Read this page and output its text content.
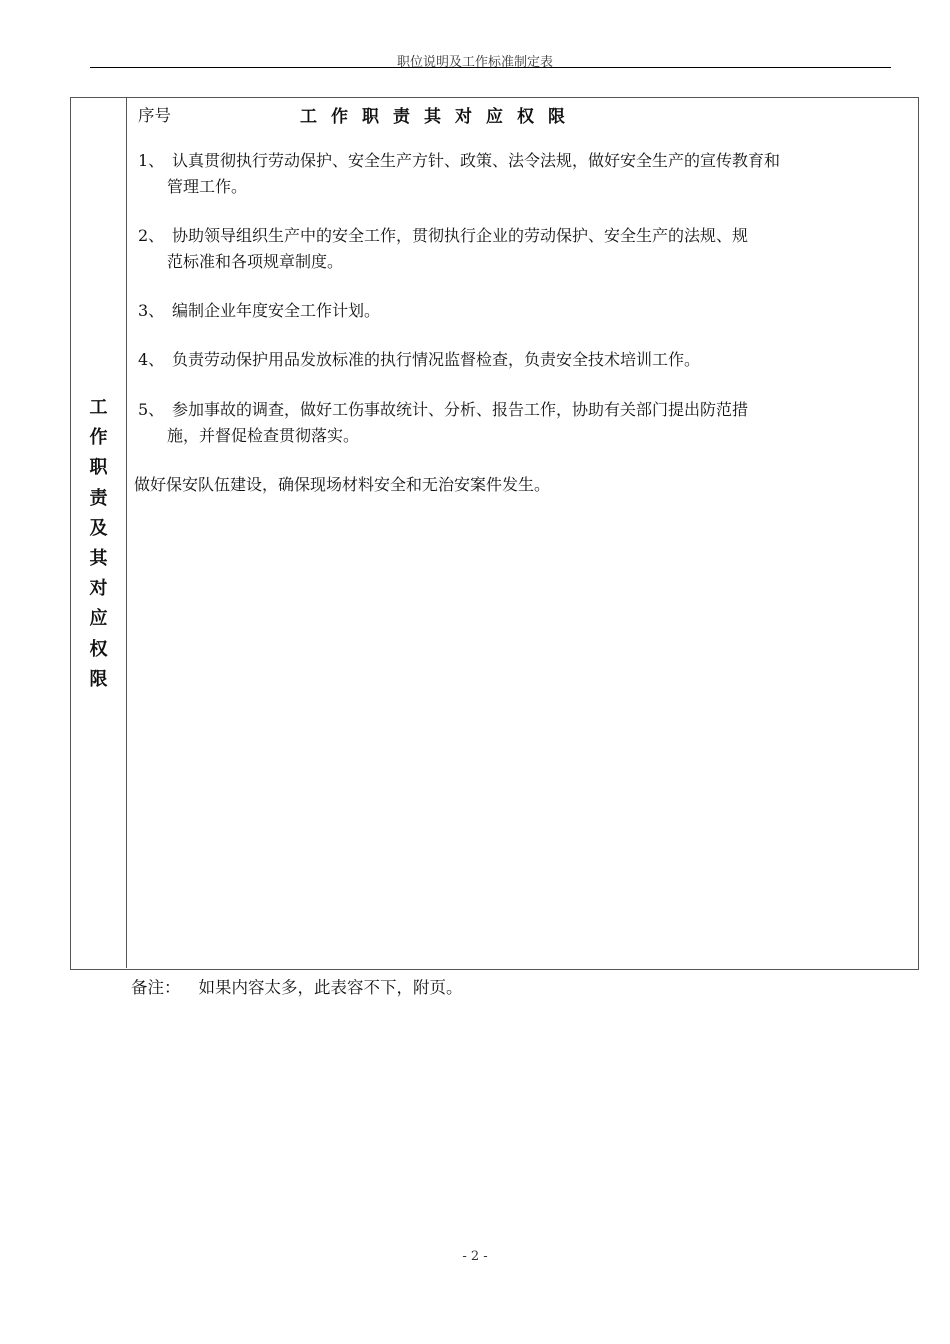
职位说明及工作标准制定表
工
作
职
责
及
其
对
应
权
限
序号	工作职责其对应权限
1、 认真贯彻执行劳动保护、安全生产方针、政策、法令法规，做好安全生产的宣传教育和
管理工作。
2、 协助领导组织生产中的安全工作，贯彻执行企业的劳动保护、安全生产的法规、规
范标准和各项规章制度。
3、 编制企业年度安全工作计划。
4、 负责劳动保护用品发放标准的执行情况监督检查，负责安全技术培训工作。
5、 参加事故的调查，做好工伤事故统计、分析、报告工作，协助有关部门提出防范措
施，并督促检查贯彻落实。
做好保安队伍建设，确保现场材料安全和无治安案件发生。
备注： 如果内容太多，此表容不下，附页。
- 2 -
